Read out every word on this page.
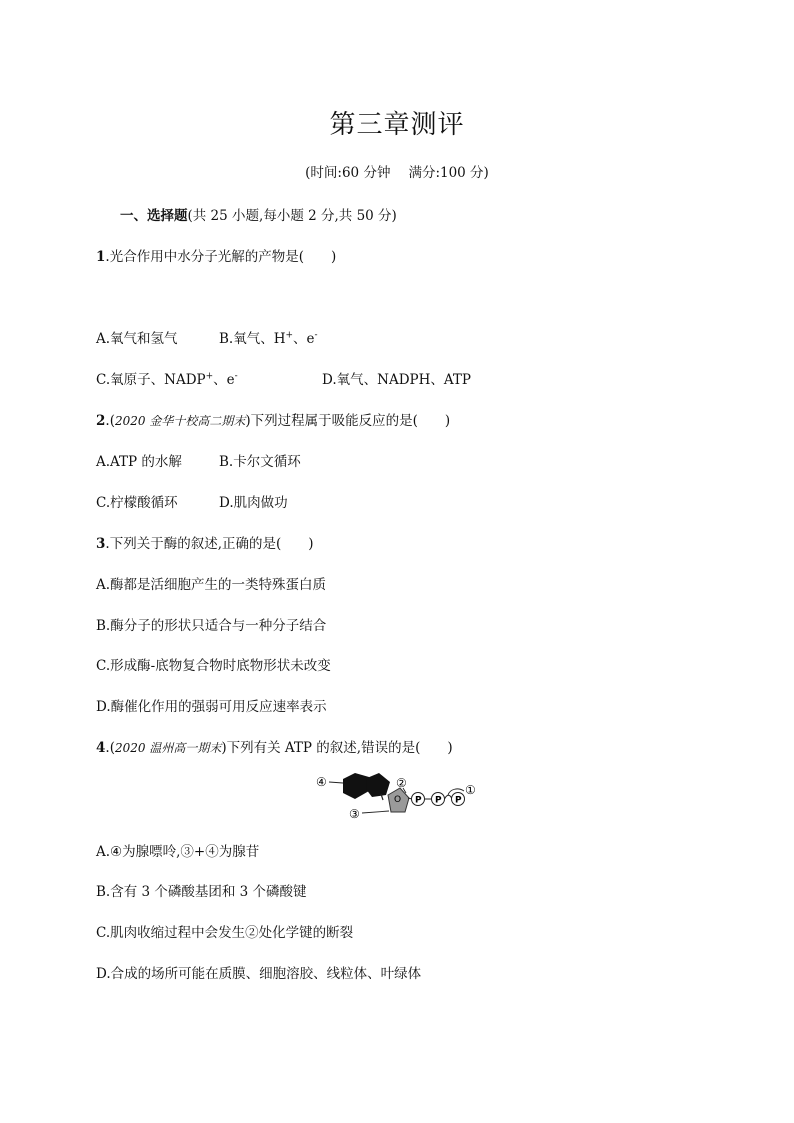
第三章测评
(时间:60 分钟 满分:100 分)
一、选择题(共 25 小题,每小题 2 分,共 50 分)
1.光合作用中水分子光解的产物是(　　)
A.氧气和氢气	B.氧气、H+、e-
C.氧原子、NADP+、e-	D.氧气、NADPH、ATP
2.(2020 金华十校高二期末)下列过程属于吸能反应的是(　　)
A.ATP 的水解	B.卡尔文循环
C.柠檬酸循环	D.肌肉做功
3.下列关于酶的叙述,正确的是(　　)
A.酶都是活细胞产生的一类特殊蛋白质
B.酶分子的形状只适合与一种分子结合
C.形成酶-底物复合物时底物形状未改变
D.酶催化作用的强弱可用反应速率表示
4.(2020 温州高一期末)下列有关 ATP 的叙述,错误的是(　　)
④
O
③
②
P P P
①
A.④为腺嘌呤,③+④为腺苷
B.含有 3 个磷酸基团和 3 个磷酸键
C.肌肉收缩过程中会发生②处化学键的断裂
D.合成的场所可能在质膜、细胞溶胶、线粒体、叶绿体
